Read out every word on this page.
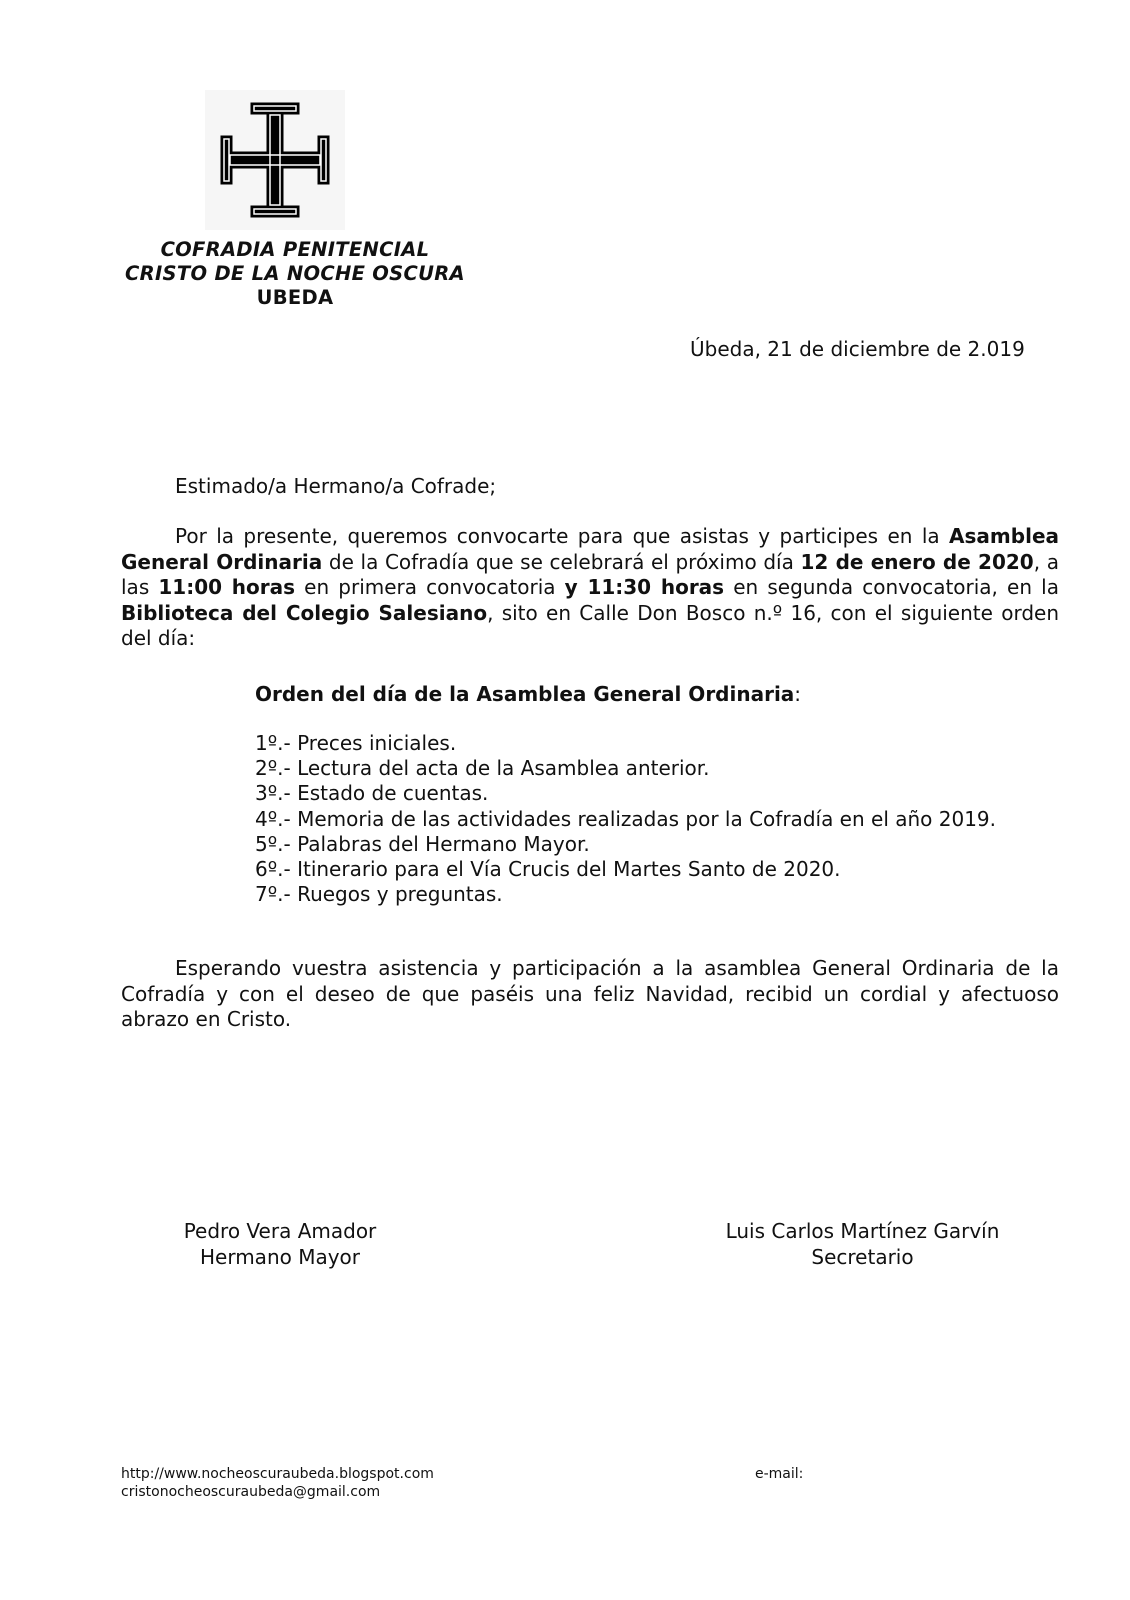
COFRADIA PENITENCIAL
CRISTO DE LA NOCHE OSCURA
UBEDA
Úbeda, 21 de diciembre de 2.019
Estimado/a Hermano/a Cofrade;

Por la presente, queremos convocarte para que asistas y participes en la Asamblea General Ordinaria de la Cofradía que se celebrará el próximo día 12 de enero de 2020, a las 11:00 horas en primera convocatoria y 11:30 horas en segunda convocatoria, en la Biblioteca del Colegio Salesiano, sito en Calle Don Bosco n.º 16, con el siguiente orden del día:

Orden del día de la Asamblea General Ordinaria:
1º.- Preces iniciales.
2º.- Lectura del acta de la Asamblea anterior.
3º.- Estado de cuentas.
4º.- Memoria de las actividades realizadas por la Cofradía en el año 2019.
5º.- Palabras del Hermano Mayor.
6º.- Itinerario para el Vía Crucis del Martes Santo de 2020.
7º.- Ruegos y preguntas.

Esperando vuestra asistencia y participación a la asamblea General Ordinaria de la Cofradía y con el deseo de que paséis una feliz Navidad, recibid un cordial y afectuoso abrazo en Cristo.

Pedro Vera Amador
Hermano Mayor
Luis Carlos Martínez Garvín
Secretario
http://www.nocheoscuraubeda.blogspot.com
cristonocheoscuraubeda@gmail.com
e-mail:
